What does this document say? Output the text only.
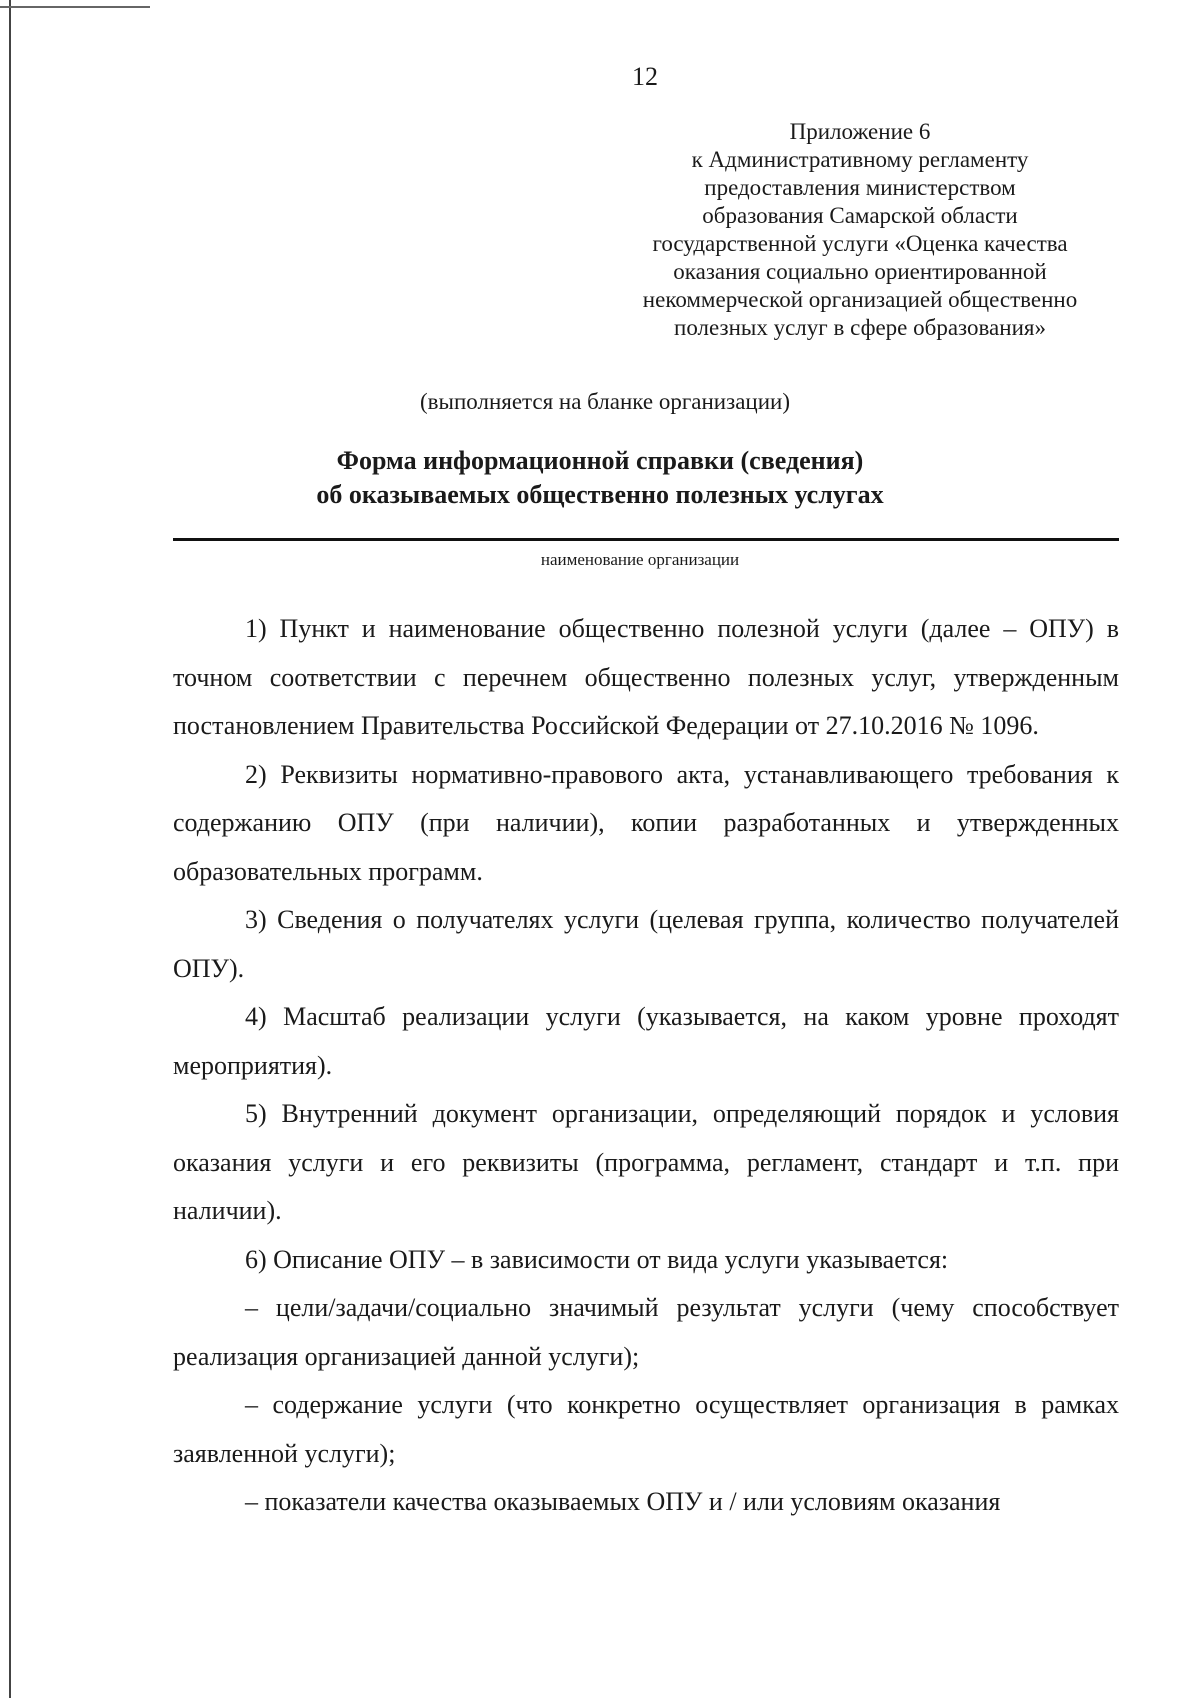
12
Приложение 6
к Административному регламенту
предоставления министерством
образования Самарской области
государственной услуги «Оценка качества
оказания социально ориентированной
некоммерческой организацией общественно
полезных услуг в сфере образования»
(выполняется на бланке организации)
Форма информационной справки (сведения)
об оказываемых общественно полезных услугах
наименование организации

1) Пункт и наименование общественно полезной услуги (далее – ОПУ) в точном соответствии с перечнем общественно полезных услуг, утвержденным постановлением Правительства Российской Федерации от 27.10.2016 № 1096.

2) Реквизиты нормативно-правового акта, устанавливающего требования к содержанию ОПУ (при наличии), копии разработанных и утвержденных образовательных программ.

3) Сведения о получателях услуги (целевая группа, количество получателей ОПУ).

4) Масштаб реализации услуги (указывается, на каком уровне проходят мероприятия).

5) Внутренний документ организации, определяющий порядок и условия оказания услуги и его реквизиты (программа, регламент, стандарт и т.п. при наличии).

6) Описание ОПУ – в зависимости от вида услуги указывается:

– цели/задачи/социально значимый результат услуги (чему способствует реализация организацией данной услуги);

– содержание услуги (что конкретно осуществляет организация в рамках заявленной услуги);

– показатели качества оказываемых ОПУ и / или условиям оказания
